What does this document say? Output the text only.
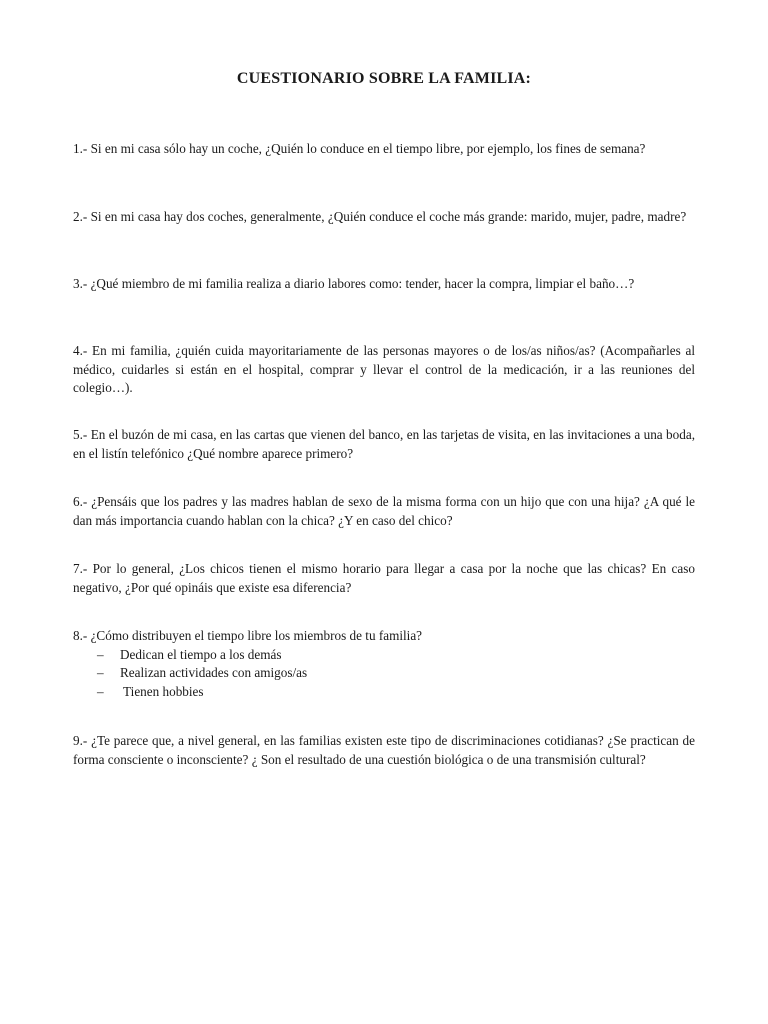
CUESTIONARIO SOBRE LA FAMILIA:
1.- Si en mi casa sólo hay un coche, ¿Quién lo conduce en el tiempo libre, por ejemplo, los fines de semana?
2.- Si en mi casa hay dos coches, generalmente, ¿Quién conduce el coche más grande: marido, mujer, padre, madre?
3.- ¿Qué miembro de mi familia realiza a diario labores como: tender, hacer la compra, limpiar el baño…?
4.- En mi familia, ¿quién cuida mayoritariamente de las personas mayores o de los/as niños/as? (Acompañarles al médico, cuidarles si están en el hospital, comprar y llevar el control de la medicación, ir a las reuniones del colegio…).
5.- En el buzón de mi casa, en las cartas que vienen del banco, en las tarjetas de visita, en las invitaciones a una boda, en el listín telefónico ¿Qué nombre aparece primero?
6.- ¿Pensáis que los padres y las madres hablan de sexo de la misma forma con un hijo que con una hija? ¿A qué le dan más importancia cuando hablan con la chica? ¿Y en caso del chico?
7.- Por lo general, ¿Los chicos tienen el mismo horario para llegar a casa por la noche que las chicas? En caso negativo, ¿Por qué opináis que existe esa diferencia?
8.- ¿Cómo distribuyen el tiempo libre los miembros de tu familia?
– Dedican el tiempo a los demás
– Realizan actividades con amigos/as
– Tienen hobbies
9.- ¿Te parece que, a nivel general, en las familias existen este tipo de discriminaciones cotidianas? ¿Se practican de forma consciente o inconsciente? ¿ Son el resultado de una cuestión biológica o de una transmisión cultural?
